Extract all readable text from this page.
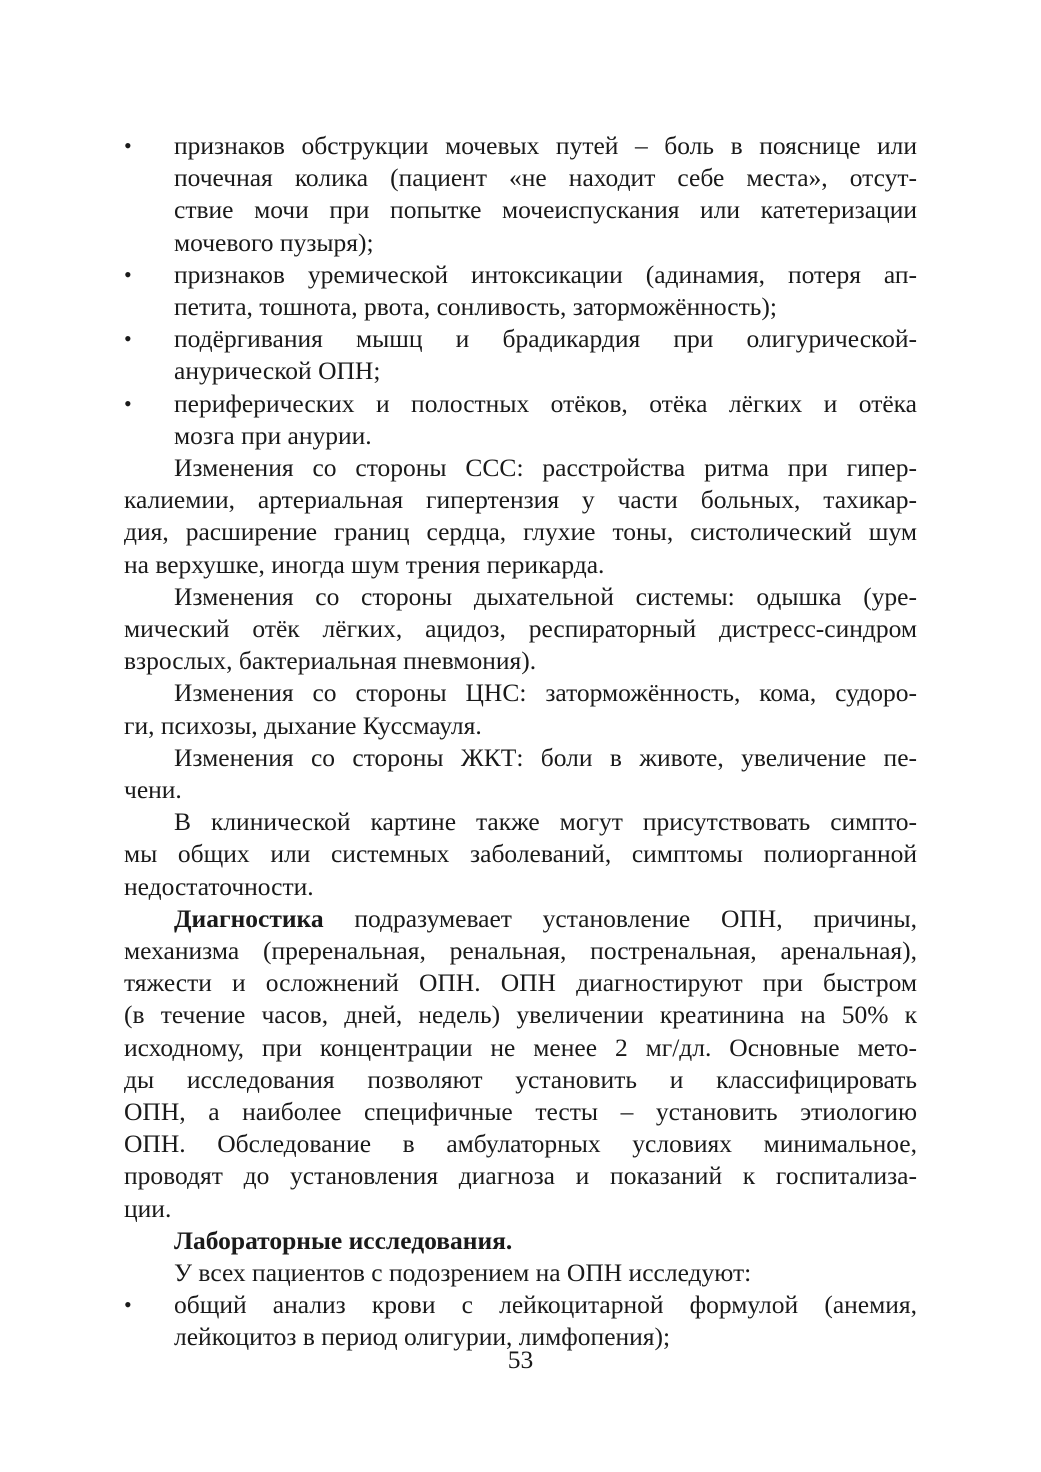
53
•	признаков обструкции мочевых путей – боль в пояснице или
почечная колика (пациент «не находит себе места», отсут-
ствие мочи при попытке мочеиспускания или катетеризации
мочевого пузыря);
•	признаков уремической интоксикации (адинамия, потеря ап-
петита, тошнота, рвота, сонливость, заторможённость);
•	подёргивания мышц и брадикардия при олигурической-
анурической ОПН;
•	периферических и полостных отёков, отёка лёгких и отёка
мозга при анурии.
Изменения со стороны ССС: расстройства ритма при гипер-
калиемии, артериальная гипертензия у части больных, тахикар-
дия, расширение границ сердца, глухие тоны, систолический шум
на верхушке, иногда шум трения перикарда.
Изменения со стороны дыхательной системы: одышка (уре-
мический отёк лёгких, ацидоз, респираторный дистресс-синдром
взрослых, бактериальная пневмония).
Изменения со стороны ЦНС: заторможённость, кома, судоро-
ги, психозы, дыхание Куссмауля.
Изменения со стороны ЖКТ: боли в животе, увеличение пе-
чени.
В клинической картине также могут присутствовать симпто-
мы общих или системных заболеваний, симптомы полиорганной
недостаточности.
Диагностика подразумевает установление ОПН, причины,
механизма (преренальная, ренальная, постренальная, аренальная),
тяжести и осложнений ОПН. ОПН диагностируют при быстром
(в течение часов, дней, недель) увеличении креатинина на 50% к
исходному, при концентрации не менее 2 мг/дл. Основные мето-
ды исследования позволяют установить и классифицировать
ОПН, а наиболее специфичные тесты – установить этиологию
ОПН. Обследование в амбулаторных условиях минимальное,
проводят до установления диагноза и показаний к госпитализа-
ции.
Лабораторные исследования.
У всех пациентов с подозрением на ОПН исследуют:
•	общий анализ крови с лейкоцитарной формулой (анемия,
лейкоцитоз в период олигурии, лимфопения);
